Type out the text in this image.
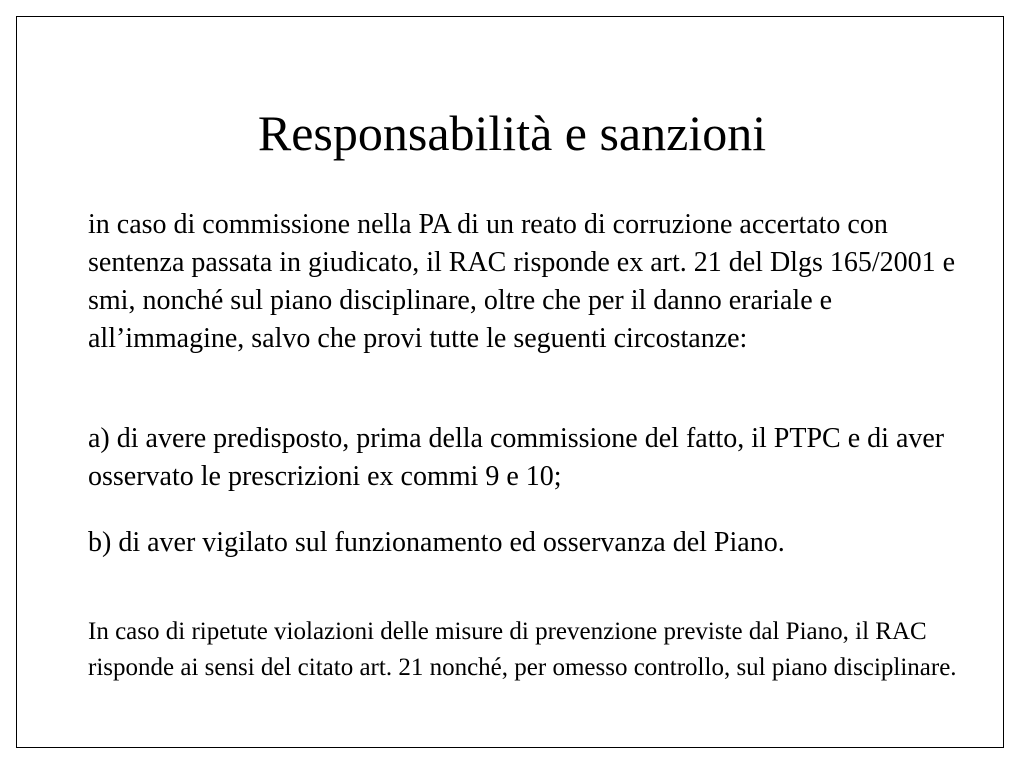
Responsabilità e sanzioni

in caso di commissione nella PA di un reato di corruzione accertato con sentenza passata in giudicato, il RAC risponde ex art. 21 del Dlgs 165/2001 e smi, nonché sul piano disciplinare, oltre che per il danno erariale e all’immagine, salvo che provi tutte le seguenti circostanze:

a) di avere predisposto, prima della commissione del fatto, il PTPC e di aver osservato le prescrizioni ex commi 9 e 10;

b) di aver vigilato sul funzionamento ed osservanza del Piano.

In caso di ripetute violazioni delle misure di prevenzione previste dal Piano, il RAC risponde ai sensi del citato art. 21 nonché, per omesso controllo, sul piano disciplinare.
